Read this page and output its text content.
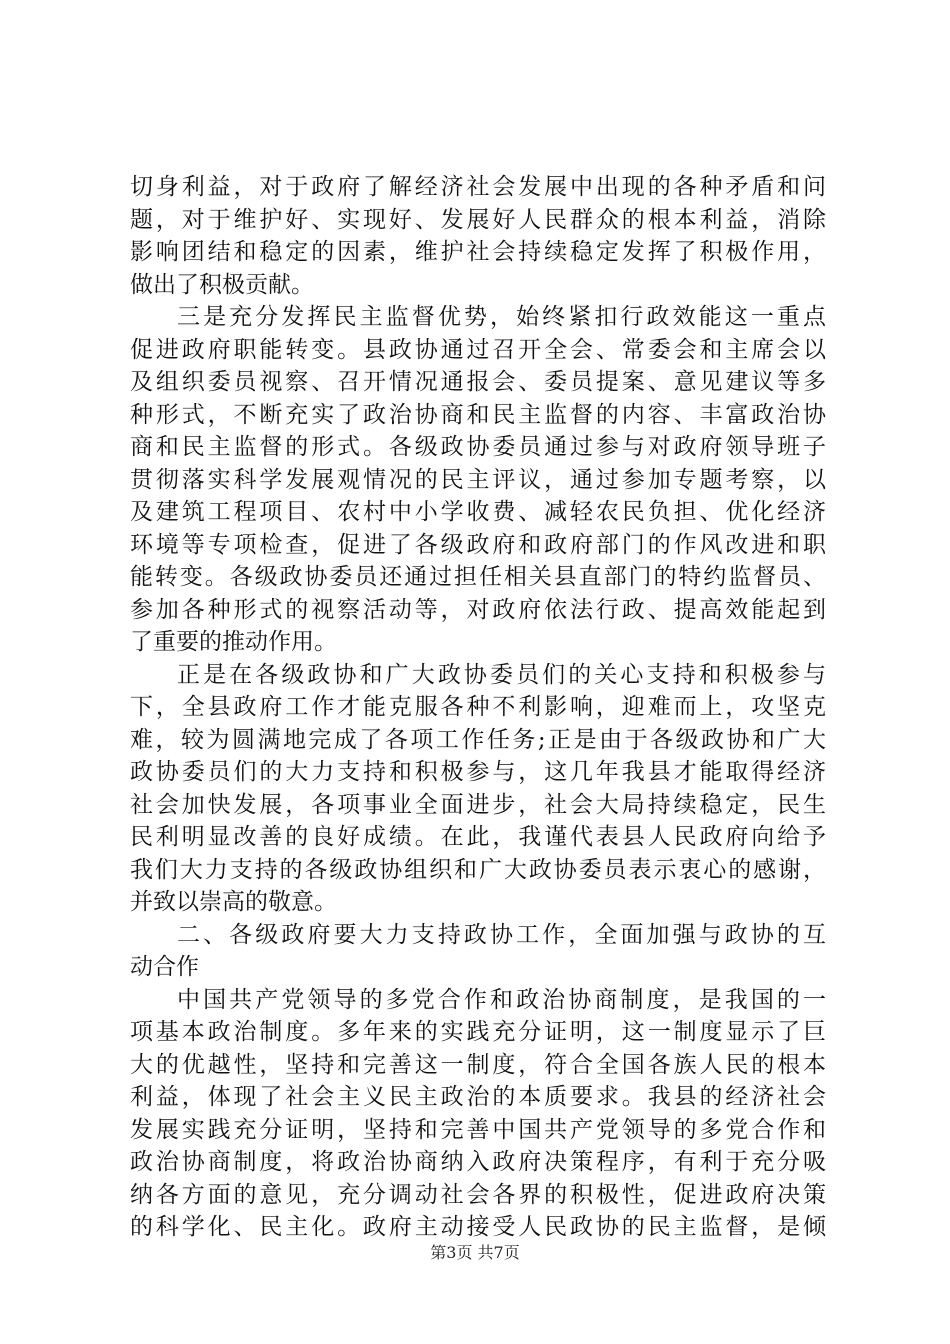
切身利益，对于政府了解经济社会发展中出现的各种矛盾和问
题，对于维护好、实现好、发展好人民群众的根本利益，消除
影响团结和稳定的因素，维护社会持续稳定发挥了积极作用，
做出了积极贡献。
三是充分发挥民主监督优势，始终紧扣行政效能这一重点
促进政府职能转变。县政协通过召开全会、常委会和主席会以
及组织委员视察、召开情况通报会、委员提案、意见建议等多
种形式，不断充实了政治协商和民主监督的内容、丰富政治协
商和民主监督的形式。各级政协委员通过参与对政府领导班子
贯彻落实科学发展观情况的民主评议，通过参加专题考察，以
及建筑工程项目、农村中小学收费、减轻农民负担、优化经济
环境等专项检查，促进了各级政府和政府部门的作风改进和职
能转变。各级政协委员还通过担任相关县直部门的特约监督员、
参加各种形式的视察活动等，对政府依法行政、提高效能起到
了重要的推动作用。
正是在各级政协和广大政协委员们的关心支持和积极参与
下，全县政府工作才能克服各种不利影响，迎难而上，攻坚克
难，较为圆满地完成了各项工作任务;正是由于各级政协和广大
政协委员们的大力支持和积极参与，这几年我县才能取得经济
社会加快发展，各项事业全面进步，社会大局持续稳定，民生
民利明显改善的良好成绩。在此，我谨代表县人民政府向给予
我们大力支持的各级政协组织和广大政协委员表示衷心的感谢，
并致以崇高的敬意。
二、各级政府要大力支持政协工作，全面加强与政协的互
动合作
中国共产党领导的多党合作和政治协商制度，是我国的一
项基本政治制度。多年来的实践充分证明，这一制度显示了巨
大的优越性，坚持和完善这一制度，符合全国各族人民的根本
利益，体现了社会主义民主政治的本质要求。我县的经济社会
发展实践充分证明，坚持和完善中国共产党领导的多党合作和
政治协商制度，将政治协商纳入政府决策程序，有利于充分吸
纳各方面的意见，充分调动社会各界的积极性，促进政府决策
的科学化、民主化。政府主动接受人民政协的民主监督，是倾
第3页 共7页
